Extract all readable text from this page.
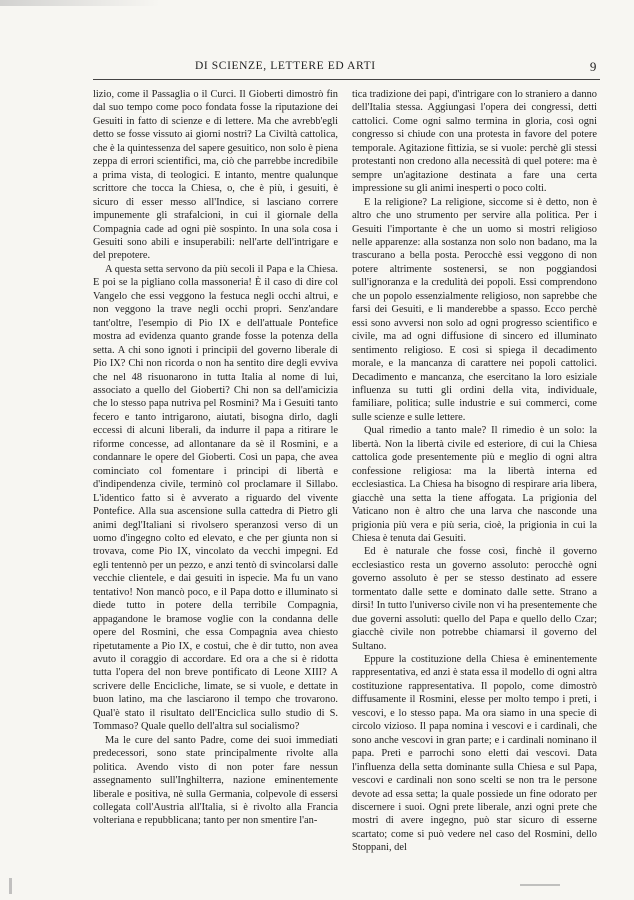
DI SCIENZE, LETTERE ED ARTI	9

lizio, come il Passaglia o il Curci. Il Gioberti dimostrò fin dal suo tempo come poco fondata fosse la riputazione dei Gesuiti in fatto di scienze e di lettere. Ma che avrebb'egli detto se fosse vissuto ai giorni nostri? La Civiltà cattolica, che è la quintessenza del sapere gesuitico, non solo è piena zeppa di errori scientifici, ma, ciò che parrebbe incredibile a prima vista, di teologici. E intanto, mentre qualunque scrittore che tocca la Chiesa, o, che è più, i gesuiti, è sicuro di esser messo all'Indice, si lasciano correre impunemente gli strafalcioni, in cui il giornale della Compagnia cade ad ogni piè sospinto. In una sola cosa i Gesuiti sono abili e insuperabili: nell'arte dell'intrigare e del prepotere.

A questa setta servono da più secoli il Papa e la Chiesa. E poi se la pigliano colla massoneria! È il caso di dire col Vangelo che essi veggono la festuca negli occhi altrui, e non veggono la trave negli occhi propri. Senz'andare tant'oltre, l'esempio di Pio IX e dell'attuale Pontefice mostra ad evidenza quanto grande fosse la potenza della setta. A chi sono ignoti i principii del governo liberale di Pio IX? Chi non ricorda o non ha sentito dire degli evviva che nel 48 risuonarono in tutta Italia al nome di lui, associato a quello del Gioberti? Chi non sa dell'amicizia che lo stesso papa nutriva pel Rosmini? Ma i Gesuiti tanto fecero e tanto intrigarono, aiutati, bisogna dirlo, dagli eccessi di alcuni liberali, da indurre il papa a ritirare le riforme concesse, ad allontanare da sè il Rosmini, e a condannare le opere del Gioberti. Così un papa, che avea cominciato col fomentare i principi di libertà e d'indipendenza civile, terminò col proclamare il Sillabo. L'identico fatto si è avverato a riguardo del vivente Pontefice. Alla sua ascensione sulla cattedra di Pietro gli animi degl'Italiani si rivolsero speranzosi verso di un uomo d'ingegno colto ed elevato, e che per giunta non si trovava, come Pio IX, vincolato da vecchi impegni. Ed egli tentennò per un pezzo, e anzi tentò di svincolarsi dalle vecchie clientele, e dai gesuiti in ispecie. Ma fu un vano tentativo! Non mancò poco, e il Papa dotto e illuminato si diede tutto in potere della terribile Compagnia, appagandone le bramose voglie con la condanna delle opere del Rosmini, che essa Compagnia avea chiesto ripetutamente a Pio IX, e costui, che è dir tutto, non avea avuto il coraggio di accordare. Ed ora a che si è ridotta tutta l'opera del non breve pontificato di Leone XIII? A scrivere delle Encicliche, limate, se si vuole, e dettate in buon latino, ma che lasciarono il tempo che trovarono. Qual'è stato il risultato dell'Enciclica sullo studio di S. Tommaso? Quale quello dell'altra sul socialismo?

Ma le cure del santo Padre, come dei suoi immediati predecessori, sono state principalmente rivolte alla politica. Avendo visto di non poter fare nessun assegnamento sull'Inghilterra, nazione eminentemente liberale e positiva, nè sulla Germania, colpevole di essersi collegata coll'Austria all'Italia, si è rivolto alla Francia volteriana e repubblicana; tanto per non smentire l'an-

tica tradizione dei papi, d'intrigare con lo straniero a danno dell'Italia stessa. Aggiungasi l'opera dei congressi, detti cattolici. Come ogni salmo termina in gloria, così ogni congresso si chiude con una protesta in favore del potere temporale. Agitazione fittizia, se si vuole: perchè gli stessi protestanti non credono alla necessità di quel potere: ma è sempre un'agitazione destinata a fare una certa impressione su gli animi inesperti o poco colti.

E la religione? La religione, siccome si è detto, non è altro che uno strumento per servire alla politica. Per i Gesuiti l'importante è che un uomo si mostri religioso nelle apparenze: alla sostanza non solo non badano, ma la trascurano a bella posta. Perocchè essi veggono di non potere altrimente sostenersi, se non poggiandosi sull'ignoranza e la credulità dei popoli. Essi comprendono che un popolo essenzialmente religioso, non saprebbe che farsi dei Gesuiti, e li manderebbe a spasso. Ecco perchè essi sono avversi non solo ad ogni progresso scientifico e civile, ma ad ogni diffusione di sincero ed illuminato sentimento religioso. E così si spiega il decadimento morale, e la mancanza di carattere nei popoli cattolici. Decadimento e mancanza, che esercitano la loro esiziale influenza su tutti gli ordini della vita, individuale, familiare, politica; sulle industrie e sui commerci, come sulle scienze e sulle lettere.

Qual rimedio a tanto male? Il rimedio è un solo: la libertà. Non la libertà civile ed esteriore, di cui la Chiesa cattolica gode presentemente più e meglio di ogni altra confessione religiosa: ma la libertà interna ed ecclesiastica. La Chiesa ha bisogno di respirare aria libera, giacchè una setta la tiene affogata. La prigionia del Vaticano non è altro che una larva che nasconde una prigionia più vera e più seria, cioè, la prigionia in cui la Chiesa è tenuta dai Gesuiti.

Ed è naturale che fosse così, finchè il governo ecclesiastico resta un governo assoluto: perocchè ogni governo assoluto è per se stesso destinato ad essere tormentato dalle sette e dominato dalle sette. Strano a dirsi! In tutto l'universo civile non vi ha presentemente che due governi assoluti: quello del Papa e quello dello Czar; giacchè civile non potrebbe chiamarsi il governo del Sultano.

Eppure la costituzione della Chiesa è eminentemente rappresentativa, ed anzi è stata essa il modello di ogni altra costituzione rappresentativa. Il popolo, come dimostrò diffusamente il Rosmini, elesse per molto tempo i preti, i vescovi, e lo stesso papa. Ma ora siamo in una specie di circolo vizioso. Il papa nomina i vescovi e i cardinali, che sono anche vescovi in gran parte; e i cardinali nominano il papa. Preti e parrochi sono eletti dai vescovi. Data l'influenza della setta dominante sulla Chiesa e sul Papa, vescovi e cardinali non sono scelti se non tra le persone devote ad essa setta; la quale possiede un fine odorato per discernere i suoi. Ogni prete liberale, anzi ogni prete che mostri di avere ingegno, può star sicuro di esserne scartato; come si può vedere nel caso del Rosmini, dello Stoppani, del
